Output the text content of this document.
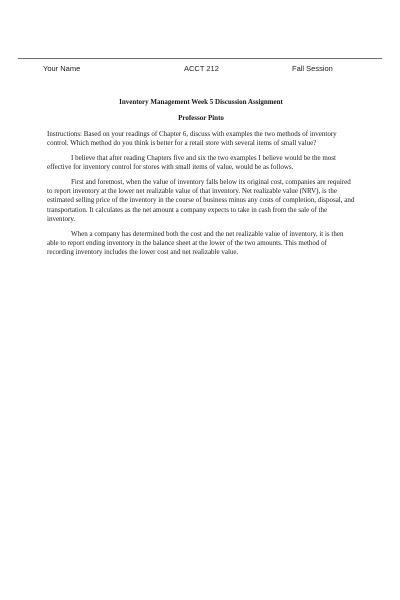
Your Name	ACCT 212	Fall Session
Inventory Management Week 5 Discussion Assignment
Professor Pinto

Instructions: Based on your readings of Chapter 6, discuss with examples the two methods of inventory control. Which method do you think is better for a retail store with several items of small value?

I believe that after reading Chapters five and six the two examples I believe would be the most effective for inventory control for stores with small items of value, would be as follows.

First and foremost, when the value of inventory falls below its original cost, companies are required to report inventory at the lower net realizable value of that inventory. Net realizable value (NRV), is the estimated selling price of the inventory in the course of business minus any costs of completion, disposal, and transportation. It calculates as the net amount a company expects to take in cash from the sale of the inventory.

When a company has determined both the cost and the net realizable value of inventory, it is then able to report ending inventory in the balance sheet at the lower of the two amounts. This method of recording inventory includes the lower cost and net realizable value.
